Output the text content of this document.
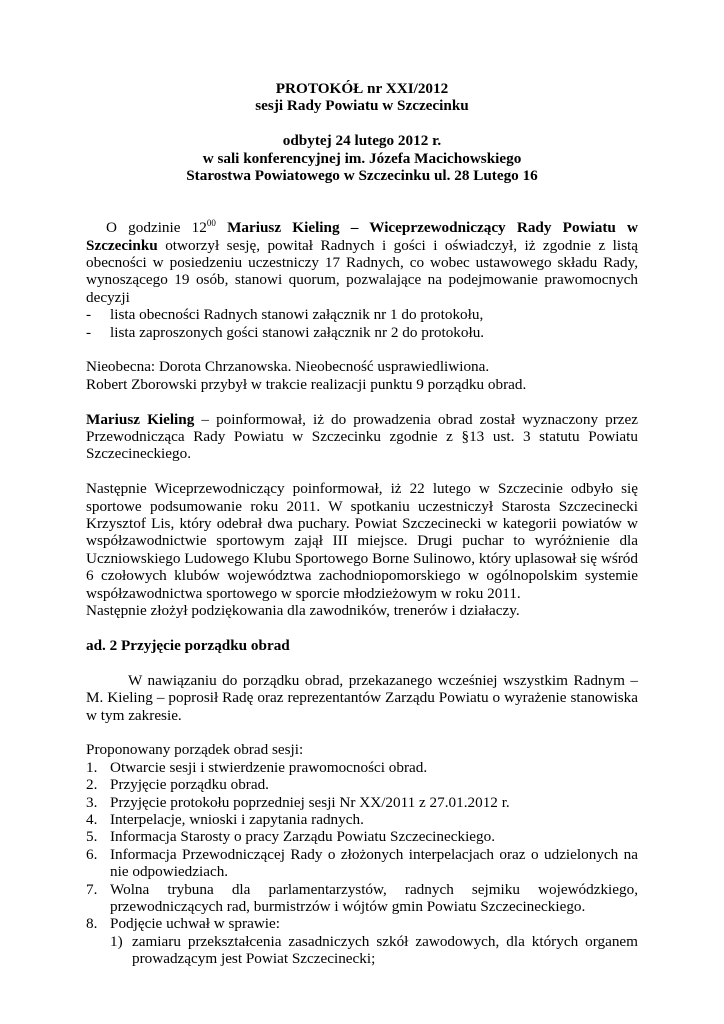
PROTOKÓŁ nr XXI/2012
sesji Rady Powiatu w Szczecinku
odbytej 24 lutego 2012 r.
w sali konferencyjnej im. Józefa Macichowskiego
Starostwa Powiatowego w Szczecinku ul. 28 Lutego 16

O godzinie $12^{00}$ Mariusz Kieling – Wiceprzewodniczący Rady Powiatu w Szczecinku otworzył sesję, powitał Radnych i gości i oświadczył, iż zgodnie z listą obecności w posiedzeniu uczestniczy 17 Radnych, co wobec ustawowego składu Rady, wynoszącego 19 osób, stanowi quorum, pozwalające na podejmowanie prawomocnych decyzji

-	lista obecności Radnych stanowi załącznik nr 1 do protokołu,
-	lista zaproszonych gości stanowi załącznik nr 2 do protokołu.
Nieobecna: Dorota Chrzanowska. Nieobecność usprawiedliwiona.
Robert Zborowski przybył w trakcie realizacji punktu 9 porządku obrad.

Mariusz Kieling – poinformował, iż do prowadzenia obrad został wyznaczony przez Przewodnicząca Rady Powiatu w Szczecinku zgodnie z §13 ust. 3 statutu Powiatu Szczecineckiego.

Następnie Wiceprzewodniczący poinformował, iż 22 lutego w Szczecinie odbyło się sportowe podsumowanie roku 2011. W spotkaniu uczestniczył Starosta Szczecinecki Krzysztof Lis, który odebrał dwa puchary. Powiat Szczecinecki w kategorii powiatów w współzawodnictwie sportowym zajął III miejsce. Drugi puchar to wyróżnienie dla Uczniowskiego Ludowego Klubu Sportowego Borne Sulinowo, który uplasował się wśród 6 czołowych klubów województwa zachodniopomorskiego w ogólnopolskim systemie współzawodnictwa sportowego w sporcie młodzieżowym w roku 2011.

Następnie złożył podziękowania dla zawodników, trenerów i działaczy.
ad. 2 Przyjęcie porządku obrad

W nawiązaniu do porządku obrad, przekazanego wcześniej wszystkim Radnym – M. Kieling – poprosił Radę oraz reprezentantów Zarządu Powiatu o wyrażenie stanowiska w tym zakresie.

Proponowany porządek obrad sesji:
1. Otwarcie sesji i stwierdzenie prawomocności obrad.
2. Przyjęcie porządku obrad.
3. Przyjęcie protokołu poprzedniej sesji Nr XX/2011 z 27.01.2012 r.
4. Interpelacje, wnioski i zapytania radnych.
5. Informacja Starosty o pracy Zarządu Powiatu Szczecineckiego.
6. Informacja Przewodniczącej Rady o złożonych interpelacjach oraz o udzielonych na nie odpowiedziach.
7. Wolna trybuna dla parlamentarzystów, radnych sejmiku wojewódzkiego, przewodniczących rad, burmistrzów i wójtów gmin Powiatu Szczecineckiego.
8. Podjęcie uchwał w sprawie:
1) zamiaru przekształcenia zasadniczych szkół zawodowych, dla których organem prowadzącym jest Powiat Szczecinecki;
